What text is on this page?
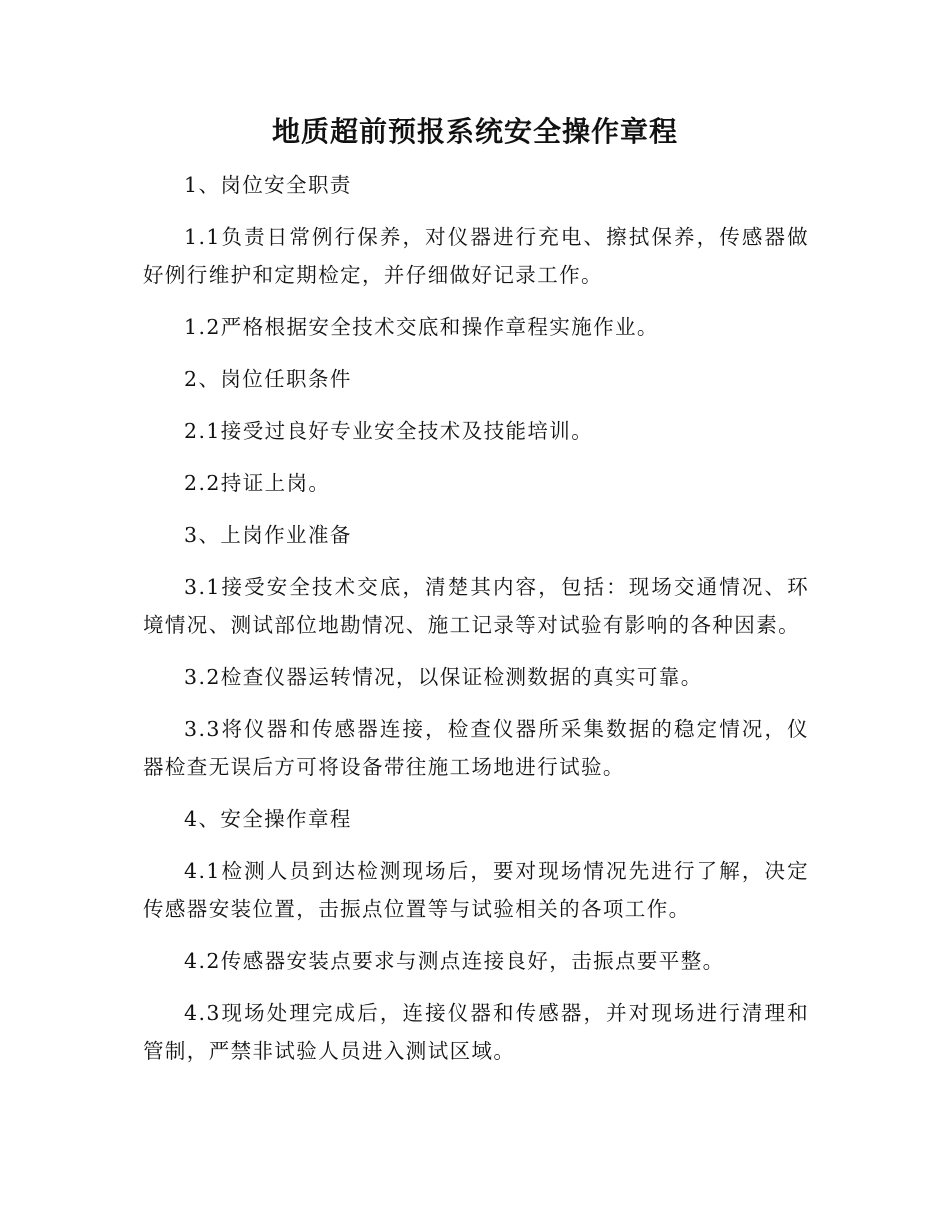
地质超前预报系统安全操作章程

1、岗位安全职责

1.1负责日常例行保养，对仪器进行充电、擦拭保养，传感器做好例行维护和定期检定，并仔细做好记录工作。

1.2严格根据安全技术交底和操作章程实施作业。

2、岗位任职条件

2.1接受过良好专业安全技术及技能培训。

2.2持证上岗。

3、上岗作业准备

3.1接受安全技术交底，清楚其内容，包括：现场交通情况、环境情况、测试部位地勘情况、施工记录等对试验有影响的各种因素。

3.2检查仪器运转情况，以保证检测数据的真实可靠。

3.3将仪器和传感器连接，检查仪器所采集数据的稳定情况，仪器检查无误后方可将设备带往施工场地进行试验。

4、安全操作章程

4.1检测人员到达检测现场后，要对现场情况先进行了解，决定传感器安装位置，击振点位置等与试验相关的各项工作。

4.2传感器安装点要求与测点连接良好，击振点要平整。

4.3现场处理完成后，连接仪器和传感器，并对现场进行清理和管制，严禁非试验人员进入测试区域。
